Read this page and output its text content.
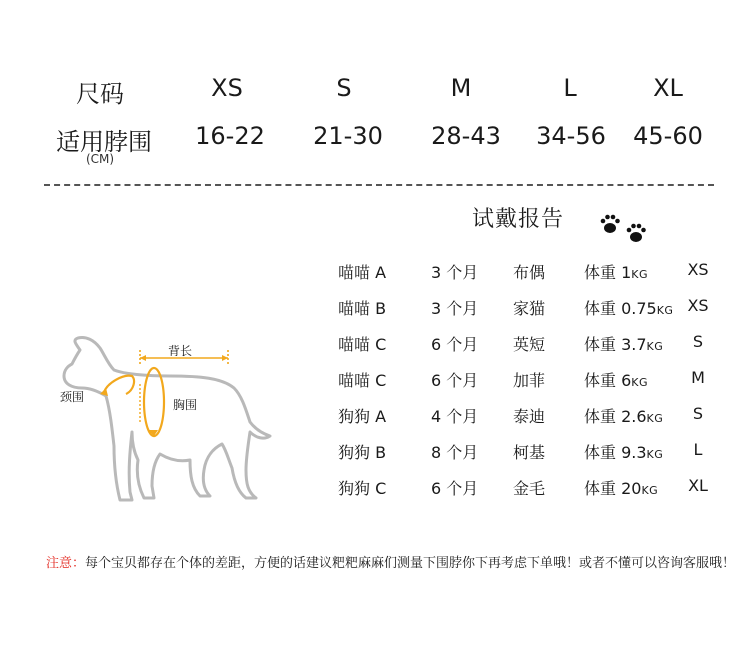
尺码	XS	S	M	L	XL
适用脖围 16-22 21-30 28-43 34-56 45-60
(CM)
试戴报告
喵喵 A	3 个月 布偶 体重 1KG XS
喵喵 B	3 个月 家猫 体重 0.75KG XS
喵喵 C	6 个月 英短 体重 3.7KG S
喵喵 C	6 个月 加菲 体重 6KG	M
狗狗 A	4 个月 泰迪 体重 2.6KG S
狗狗 B	8 个月 柯基 体重 9.3KG L
狗狗 C	6 个月 金毛 体重 20KG XL
背长
颈围
胸围
注意：每个宝贝都存在个体的差距，方便的话建议粑粑麻麻们测量下围脖你下再考虑下单哦！或者不懂可以咨询客服哦！
